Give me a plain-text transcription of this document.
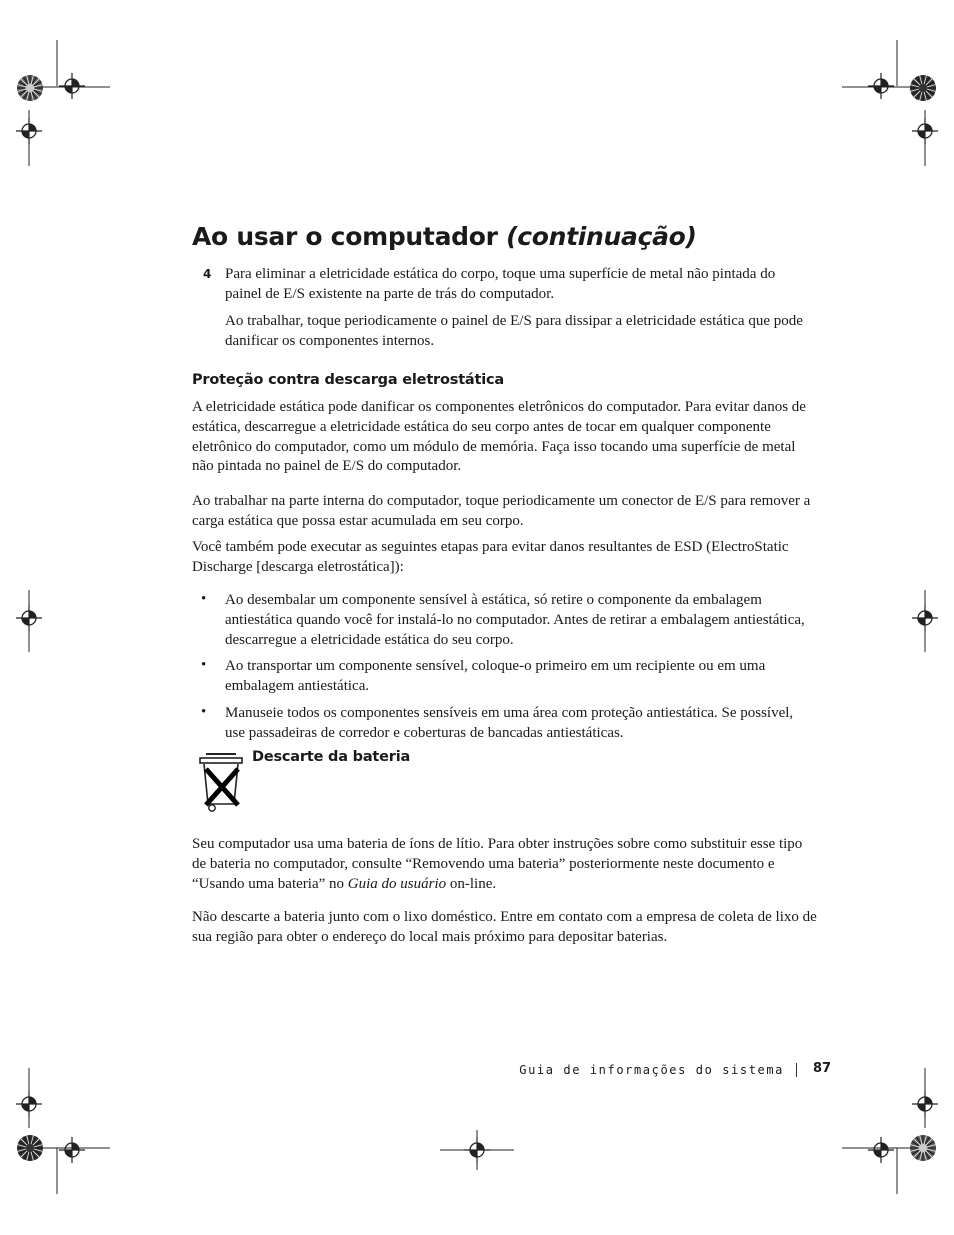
Ao usar o computador (continuação)
4 Para eliminar a eletricidade estática do corpo, toque uma superfície de metal não pintada do painel de E/S existente na parte de trás do computador.

Ao trabalhar, toque periodicamente o painel de E/S para dissipar a eletricidade estática que pode danificar os componentes internos.

Proteção contra descarga eletrostática

A eletricidade estática pode danificar os componentes eletrônicos do computador. Para evitar danos de estática, descarregue a eletricidade estática do seu corpo antes de tocar em qualquer componente eletrônico do computador, como um módulo de memória. Faça isso tocando uma superfície de metal não pintada no painel de E/S do computador.

Ao trabalhar na parte interna do computador, toque periodicamente um conector de E/S para remover a carga estática que possa estar acumulada em seu corpo.

Você também pode executar as seguintes etapas para evitar danos resultantes de ESD (ElectroStatic Discharge [descarga eletrostática]):

• Ao desembalar um componente sensível à estática, só retire o componente da embalagem antiestática quando você for instalá-lo no computador. Antes de retirar a embalagem antiestática, descarregue a eletricidade estática do seu corpo.

• Ao transportar um componente sensível, coloque-o primeiro em um recipiente ou em uma embalagem antiestática.

• Manuseie todos os componentes sensíveis em uma área com proteção antiestática. Se possível, use passadeiras de corredor e coberturas de bancadas antiestáticas.

Descarte da bateria

Seu computador usa uma bateria de íons de lítio. Para obter instruções sobre como substituir esse tipo de bateria no computador, consulte “Removendo uma bateria” posteriormente neste documento e “Usando uma bateria” no Guia do usuário on-line.

Não descarte a bateria junto com o lixo doméstico. Entre em contato com a empresa de coleta de lixo de sua região para obter o endereço do local mais próximo para depositar baterias.

Guia de informações do sistema 87
